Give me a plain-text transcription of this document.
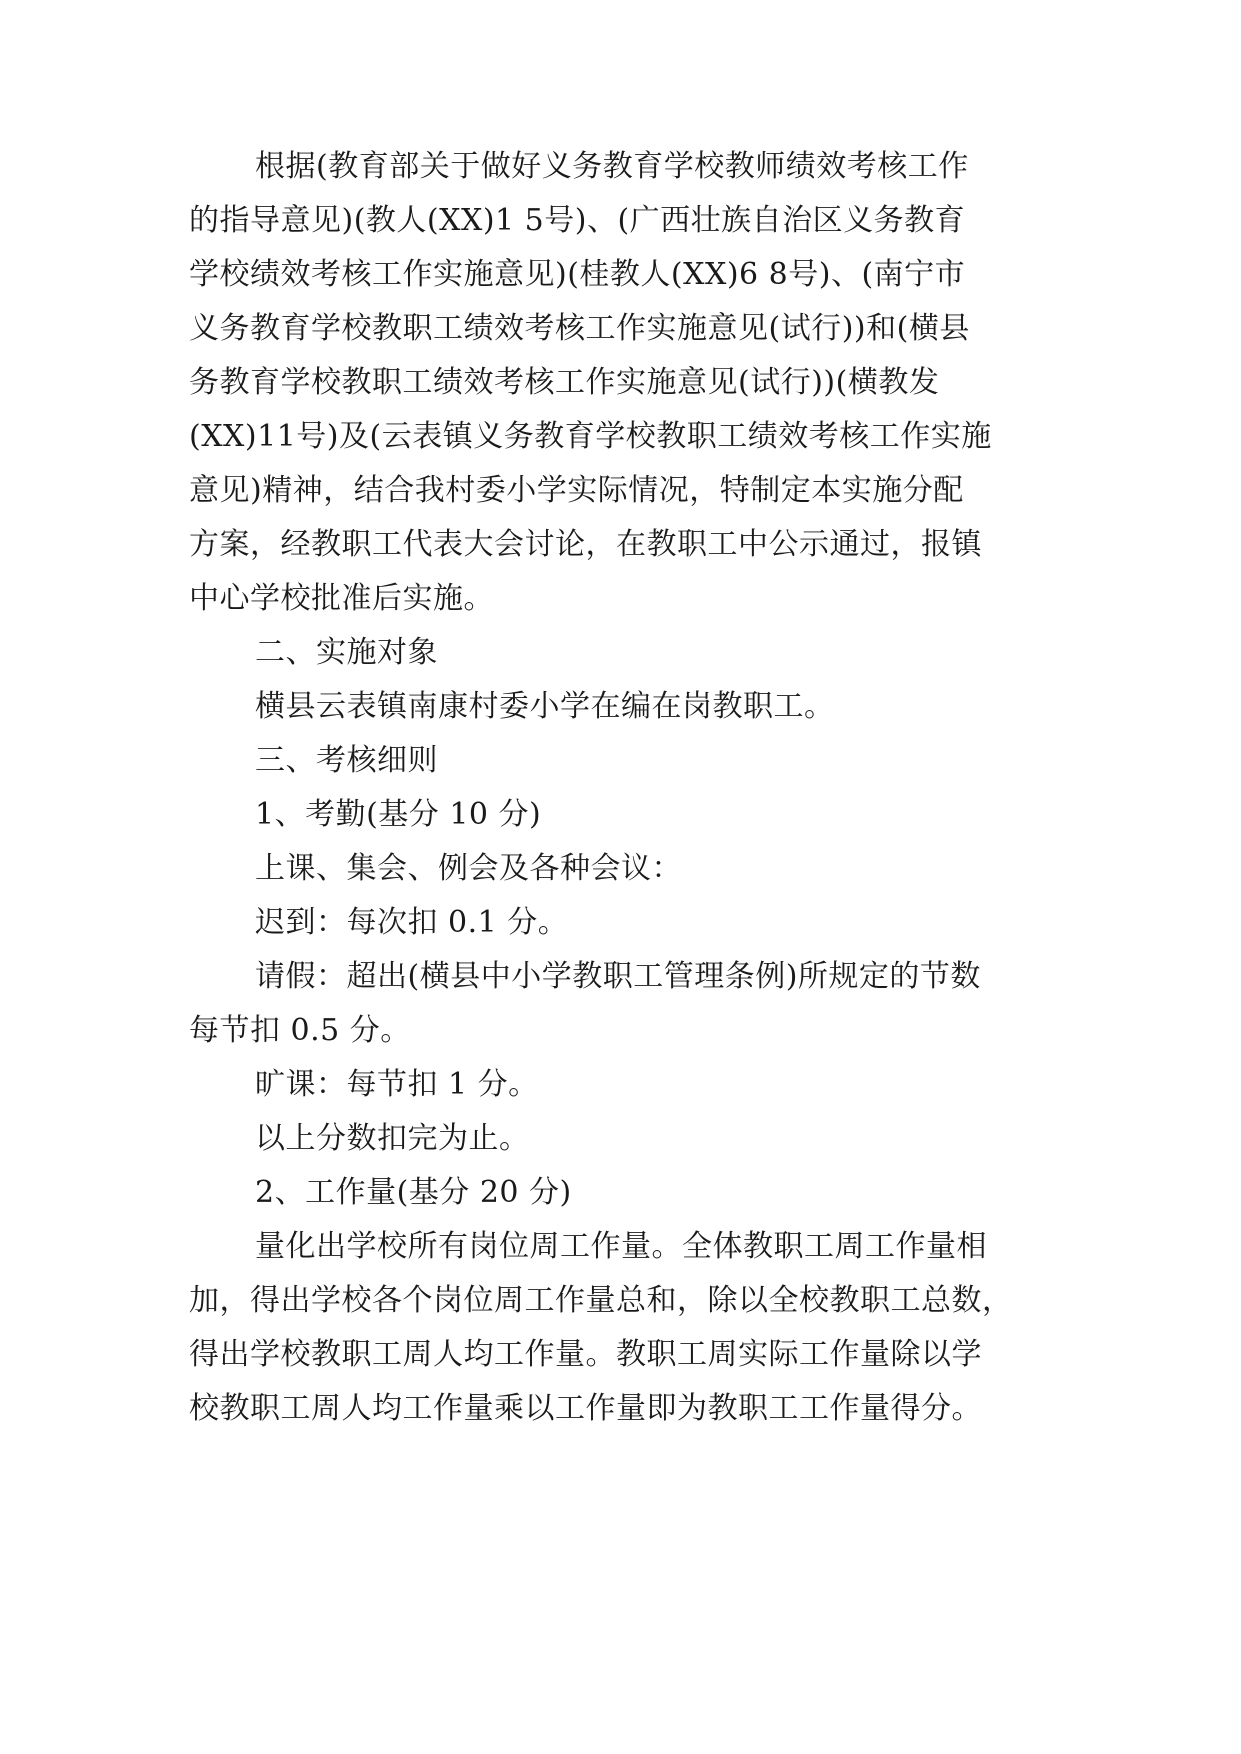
根据(教育部关于做好义务教育学校教师绩效考核工作
的指导意见)(教人(XX)1 5号)、(广西壮族自治区义务教育
学校绩效考核工作实施意见)(桂教人(XX)6 8号)、(南宁市
义务教育学校教职工绩效考核工作实施意见(试行))和(横县
务教育学校教职工绩效考核工作实施意见(试行))(横教发
(XX)11号)及(云表镇义务教育学校教职工绩效考核工作实施
意见)精神，结合我村委小学实际情况，特制定本实施分配
方案，经教职工代表大会讨论，在教职工中公示通过，报镇
中心学校批准后实施。
二、实施对象
横县云表镇南康村委小学在编在岗教职工。
三、考核细则
1、考勤(基分 10 分)
上课、集会、例会及各种会议：
迟到：每次扣 0.1 分。
请假：超出(横县中小学教职工管理条例)所规定的节数
每节扣 0.5 分。
旷课：每节扣 1 分。
以上分数扣完为止。
2、工作量(基分 20 分)
量化出学校所有岗位周工作量。全体教职工周工作量相
加，得出学校各个岗位周工作量总和，除以全校教职工总数，
得出学校教职工周人均工作量。教职工周实际工作量除以学
校教职工周人均工作量乘以工作量即为教职工工作量得分。
